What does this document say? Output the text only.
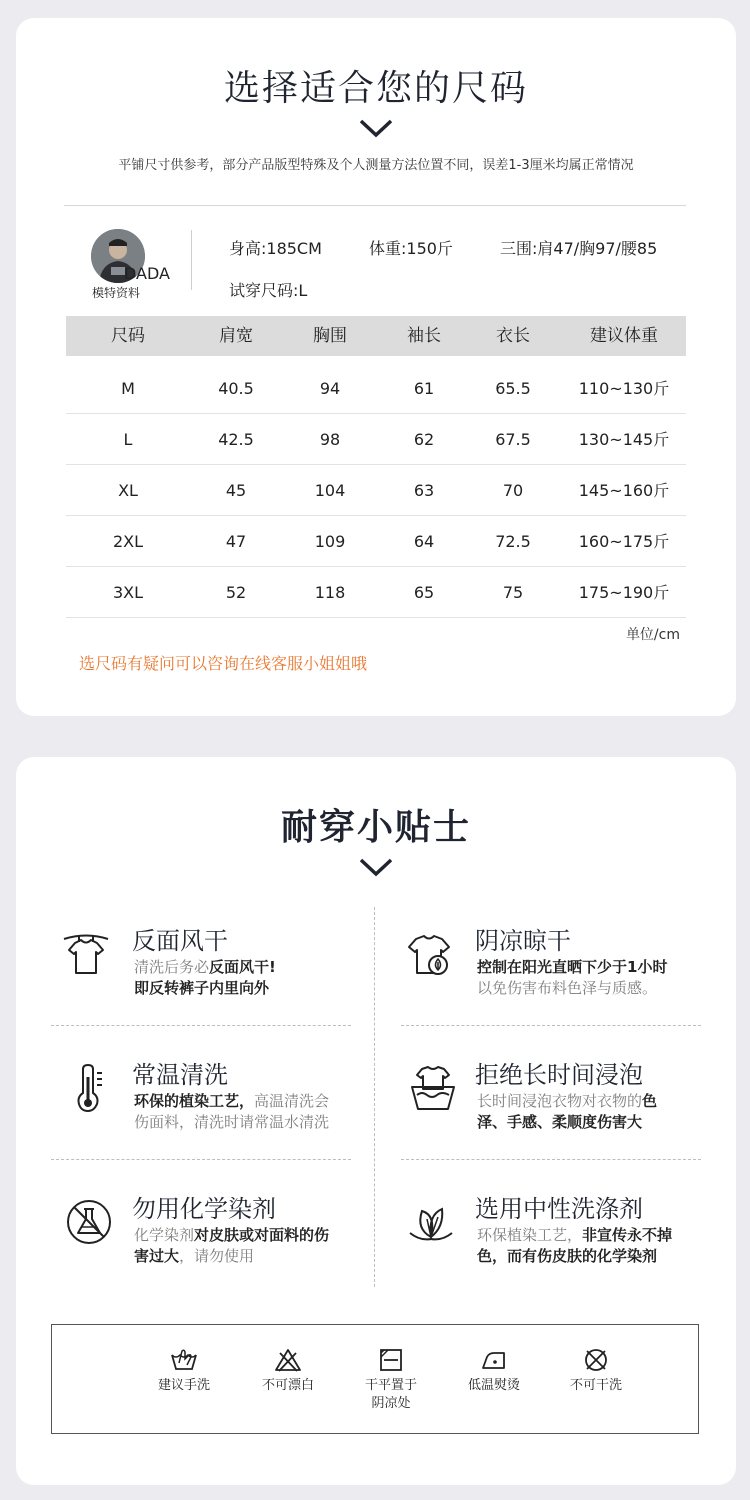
选择适合您的尺码
平铺尺寸供参考，部分产品版型特殊及个人测量方法位置不同，误差1-3厘米均属正常情况
DADA
模特资料
身高:185CM	体重:150斤	三围:肩47/胸97/腰85
试穿尺码:L
尺码	肩宽	胸围	袖长	衣长	建议体重
M	40.5	94	61	65.5	110~130斤
L	42.5	98	62	67.5	130~145斤
XL	45	104	63	70	145~160斤
2XL	47	109	64	72.5	160~175斤
3XL	52	118	65	75	175~190斤
单位/cm
选尺码有疑问可以咨询在线客服小姐姐哦
耐穿小贴士
反面风干
清洗后务必反面风干!
即反转裤子内里向外
阴凉晾干
控制在阳光直晒下少于1小时
以免伤害布料色泽与质感。
常温清洗
环保的植染工艺，高温清洗会
伤面料，清洗时请常温水清洗
拒绝长时间浸泡
长时间浸泡衣物对衣物的色
泽、手感、柔顺度伤害大
勿用化学染剂
化学染剂对皮肤或对面料的伤
害过大，请勿使用
选用中性洗涤剂
环保植染工艺，非宣传永不掉
色，而有伤皮肤的化学染剂
建议手洗	不可漂白	干平置于
阴凉处
低温熨烫	不可干洗
